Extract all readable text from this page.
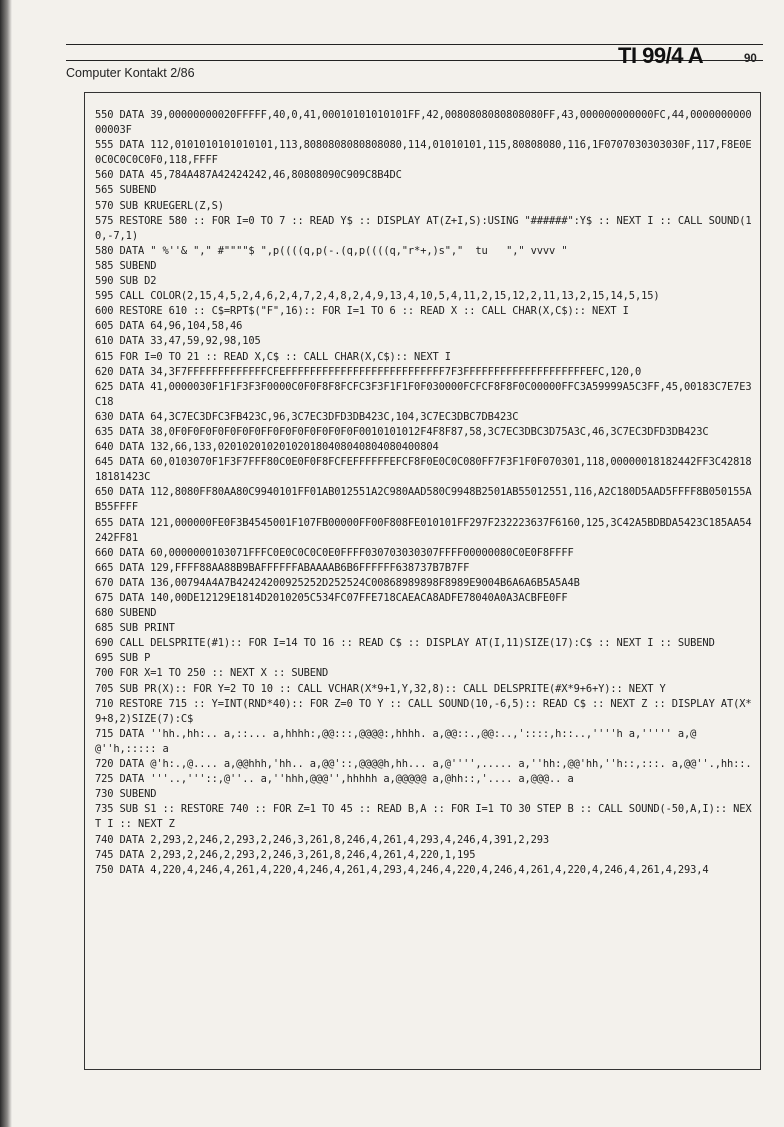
Computer Kontakt 2/86
TI 99/4 A	90
550 DATA 39,00000000020FFFFF,40,0,41,00010101010101FF,42,0080808080808080FF,43,000000000000FC,44,000000000000003F
555 DATA 112,0101010101010101,113,8080808080808080,114,01010101,115,80808080,116,1F0707030303030F,117,F8E0E0C0C0C0C0F0,118,FFFF
560 DATA 45,784A487A42424242,46,80808090C909C8B4DC
565 SUBEND
570 SUB KRUEGERL(Z,S)
575 RESTORE 580 :: FOR I=0 TO 7 :: READ Y$ :: DISPLAY AT(Z+I,S):USING "######":Y$ :: NEXT I :: CALL SOUND(10,-7,1)
580 DATA " %''& "," #""""$ ",p((((q,p(-.(q,p((((q,"r*+,)s","  tu   "," vvvv "
585 SUBEND
590 SUB D2
595 CALL COLOR(2,15,4,5,2,4,6,2,4,7,2,4,8,2,4,9,13,4,10,5,4,11,2,15,12,2,11,13,2,15,14,5,15)
600 RESTORE 610 :: C$=RPT$("F",16):: FOR I=1 TO 6 :: READ X :: CALL CHAR(X,C$):: NEXT I
605 DATA 64,96,104,58,46
610 DATA 33,47,59,92,98,105
615 FOR I=0 TO 21 :: READ X,C$ :: CALL CHAR(X,C$):: NEXT I
620 DATA 34,3F7FFFFFFFFFFFFFCFEFFFFFFFFFFFFFFFFFFFFFFFFFF7F3FFFFFFFFFFFFFFFFFFFFEFC,120,0
625 DATA 41,0000030F1F1F3F3F0000C0F0F8F8FCFC3F3F1F1F0F030000FCFCF8F8F0C00000FFC3A59999A5C3FF,45,00183C7E7E3C18
630 DATA 64,3C7EC3DFC3FB423C,96,3C7EC3DFD3DB423C,104,3C7EC3DBC7DB423C
635 DATA 38,0F0F0F0F0F0F0F0FF0F0F0F0F0F0F0F0010101012F4F8F87,58,3C7EC3DBC3D75A3C,46,3C7EC3DFD3DB423C
640 DATA 132,66,133,020102010201020180408040804080400804
645 DATA 60,0103070F1F3F7FFF80C0E0F0F8FCFEFFFFFFEFCF8F0E0C0C080FF7F3F1F0F070301,118,00000018182442FF3C4281818181423C
650 DATA 112,8080FF80AA80C9940101FF01AB012551A2C980AAD580C9948B2501AB55012551,116,A2C180D5AAD5FFFF8B050155AB55FFFF
655 DATA 121,000000FE0F3B4545001F107FB00000FF00F808FE010101FF297F232223637F6160,125,3C42A5BDBDA5423C185AA54242FF81
660 DATA 60,0000000103071FFFC0E0C0C0C0E0FFFF030703030307FFFF00000080C0E0F8FFFF
665 DATA 129,FFFF88AA88B9BAFFFFFFABAAAAB6B6FFFFFF638737B7B7FF
670 DATA 136,00794A4A7B42424200925252D252524C00868989898F8989E9004B6A6A6B5A5A4B
675 DATA 140,00DE12129E1814D2010205C534FC07FFE718CAEACA8ADFE78040A0A3ACBFE0FF
680 SUBEND
685 SUB PRINT
690 CALL DELSPRITE(#1):: FOR I=14 TO 16 :: READ C$ :: DISPLAY AT(I,11)SIZE(17):C$ :: NEXT I :: SUBEND
695 SUB P
700 FOR X=1 TO 250 :: NEXT X :: SUBEND
705 SUB PR(X):: FOR Y=2 TO 10 :: CALL VCHAR(X*9+1,Y,32,8):: CALL DELSPRITE(#X*9+6+Y):: NEXT Y
710 RESTORE 715 :: Y=INT(RND*40):: FOR Z=0 TO Y :: CALL SOUND(10,-6,5):: READ C$ :: NEXT Z :: DISPLAY AT(X*9+8,2)SIZE(7):C$
715 DATA ''hh.,hh:.. a,::... a,hhhh:,@@:::,@@@@:,hhhh. a,@@::.,@@:..,'::::,h::..,''''h a,''''' a,@@''h,::::: a
720 DATA @'h:.,@.... a,@@hhh,'hh.. a,@@'::,@@@@h,hh... a,@'''',..... a,''hh:,@@'hh,''h::,:::. a,@@''.,hh::.
725 DATA '''..,'''::,@''.. a,''hhh,@@@'',hhhhh a,@@@@@ a,@hh::,'.... a,@@@.. a
730 SUBEND
735 SUB S1 :: RESTORE 740 :: FOR Z=1 TO 45 :: READ B,A :: FOR I=1 TO 30 STEP B :: CALL SOUND(-50,A,I):: NEXT I :: NEXT Z
740 DATA 2,293,2,246,2,293,2,246,3,261,8,246,4,261,4,293,4,246,4,391,2,293
745 DATA 2,293,2,246,2,293,2,246,3,261,8,246,4,261,4,220,1,195
750 DATA 4,220,4,246,4,261,4,220,4,246,4,261,4,293,4,246,4,220,4,246,4,261,4,220,4,246,4,261,4,293,4
